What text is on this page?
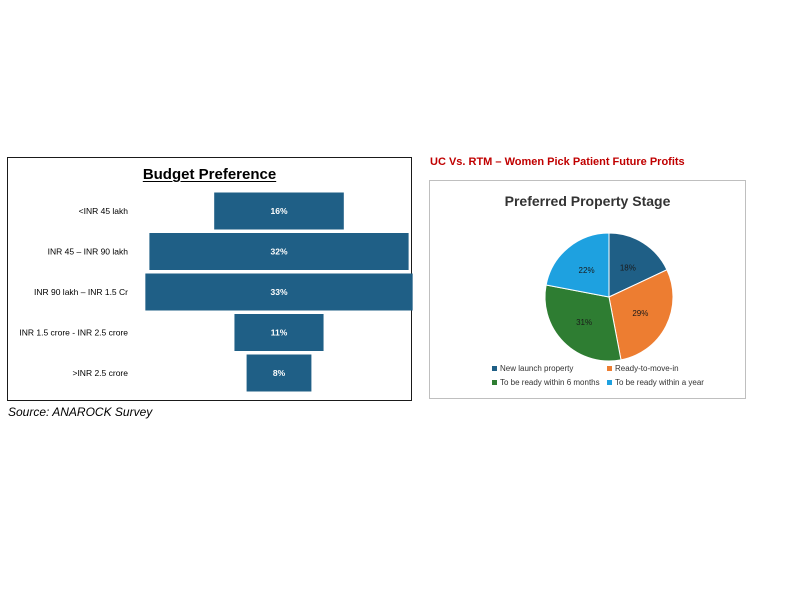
Budget Preference
16%
<INR 45 lakh
32%
INR 45 – INR 90 lakh
33%
INR 90 lakh – INR 1.5 Cr
11%
INR 1.5 crore - INR 2.5 crore
8%
>INR 2.5 crore
Source: ANAROCK Survey
UC Vs. RTM – Women Pick Patient Future Profits
Preferred Property Stage
18%
29%
31%
22%
New launch property	Ready-to-move-in
To be ready within 6 months To be ready within a year
